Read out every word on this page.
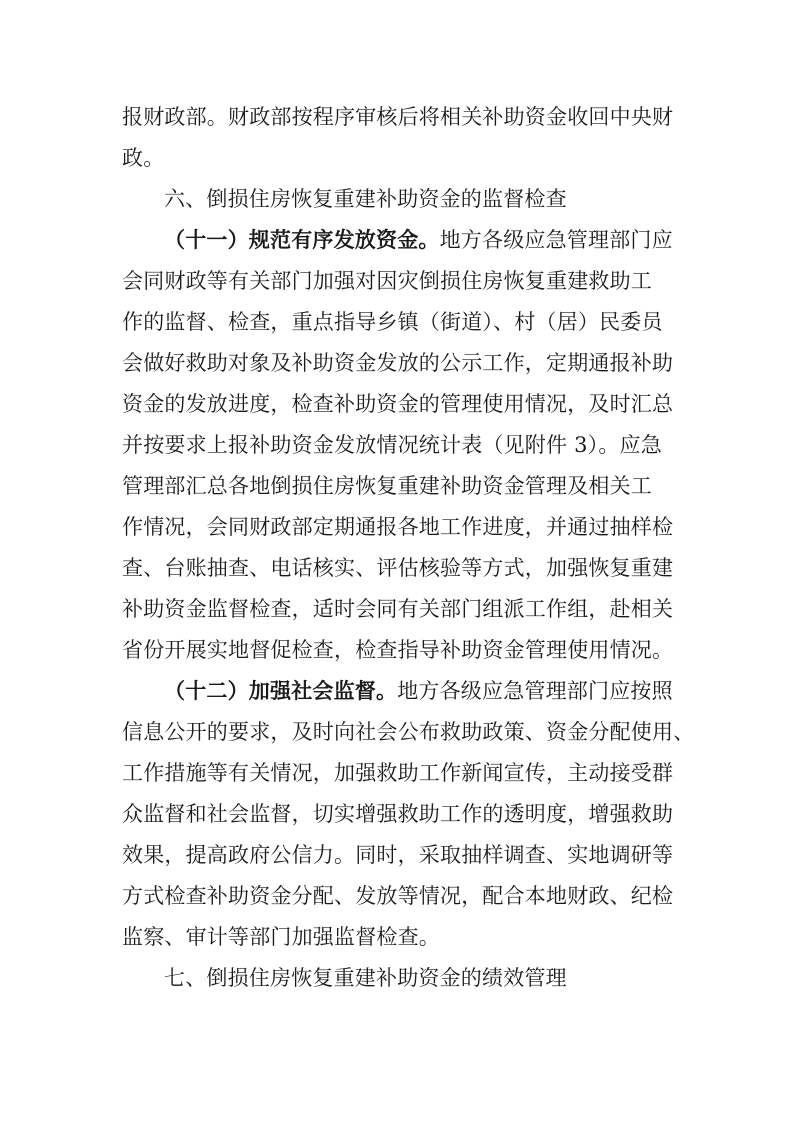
报财政部。财政部按程序审核后将相关补助资金收回中央财
政。
六、倒损住房恢复重建补助资金的监督检查
（十一）规范有序发放资金。地方各级应急管理部门应
会同财政等有关部门加强对因灾倒损住房恢复重建救助工
作的监督、检查，重点指导乡镇（街道）、村（居）民委员
会做好救助对象及补助资金发放的公示工作，定期通报补助
资金的发放进度，检查补助资金的管理使用情况，及时汇总
并按要求上报补助资金发放情况统计表（见附件 3）。应急
管理部汇总各地倒损住房恢复重建补助资金管理及相关工
作情况，会同财政部定期通报各地工作进度，并通过抽样检
查、台账抽查、电话核实、评估核验等方式，加强恢复重建
补助资金监督检查，适时会同有关部门组派工作组，赴相关
省份开展实地督促检查，检查指导补助资金管理使用情况。
（十二）加强社会监督。地方各级应急管理部门应按照
信息公开的要求，及时向社会公布救助政策、资金分配使用、
工作措施等有关情况，加强救助工作新闻宣传，主动接受群
众监督和社会监督，切实增强救助工作的透明度，增强救助
效果，提高政府公信力。同时，采取抽样调查、实地调研等
方式检查补助资金分配、发放等情况，配合本地财政、纪检
监察、审计等部门加强监督检查。
七、倒损住房恢复重建补助资金的绩效管理
